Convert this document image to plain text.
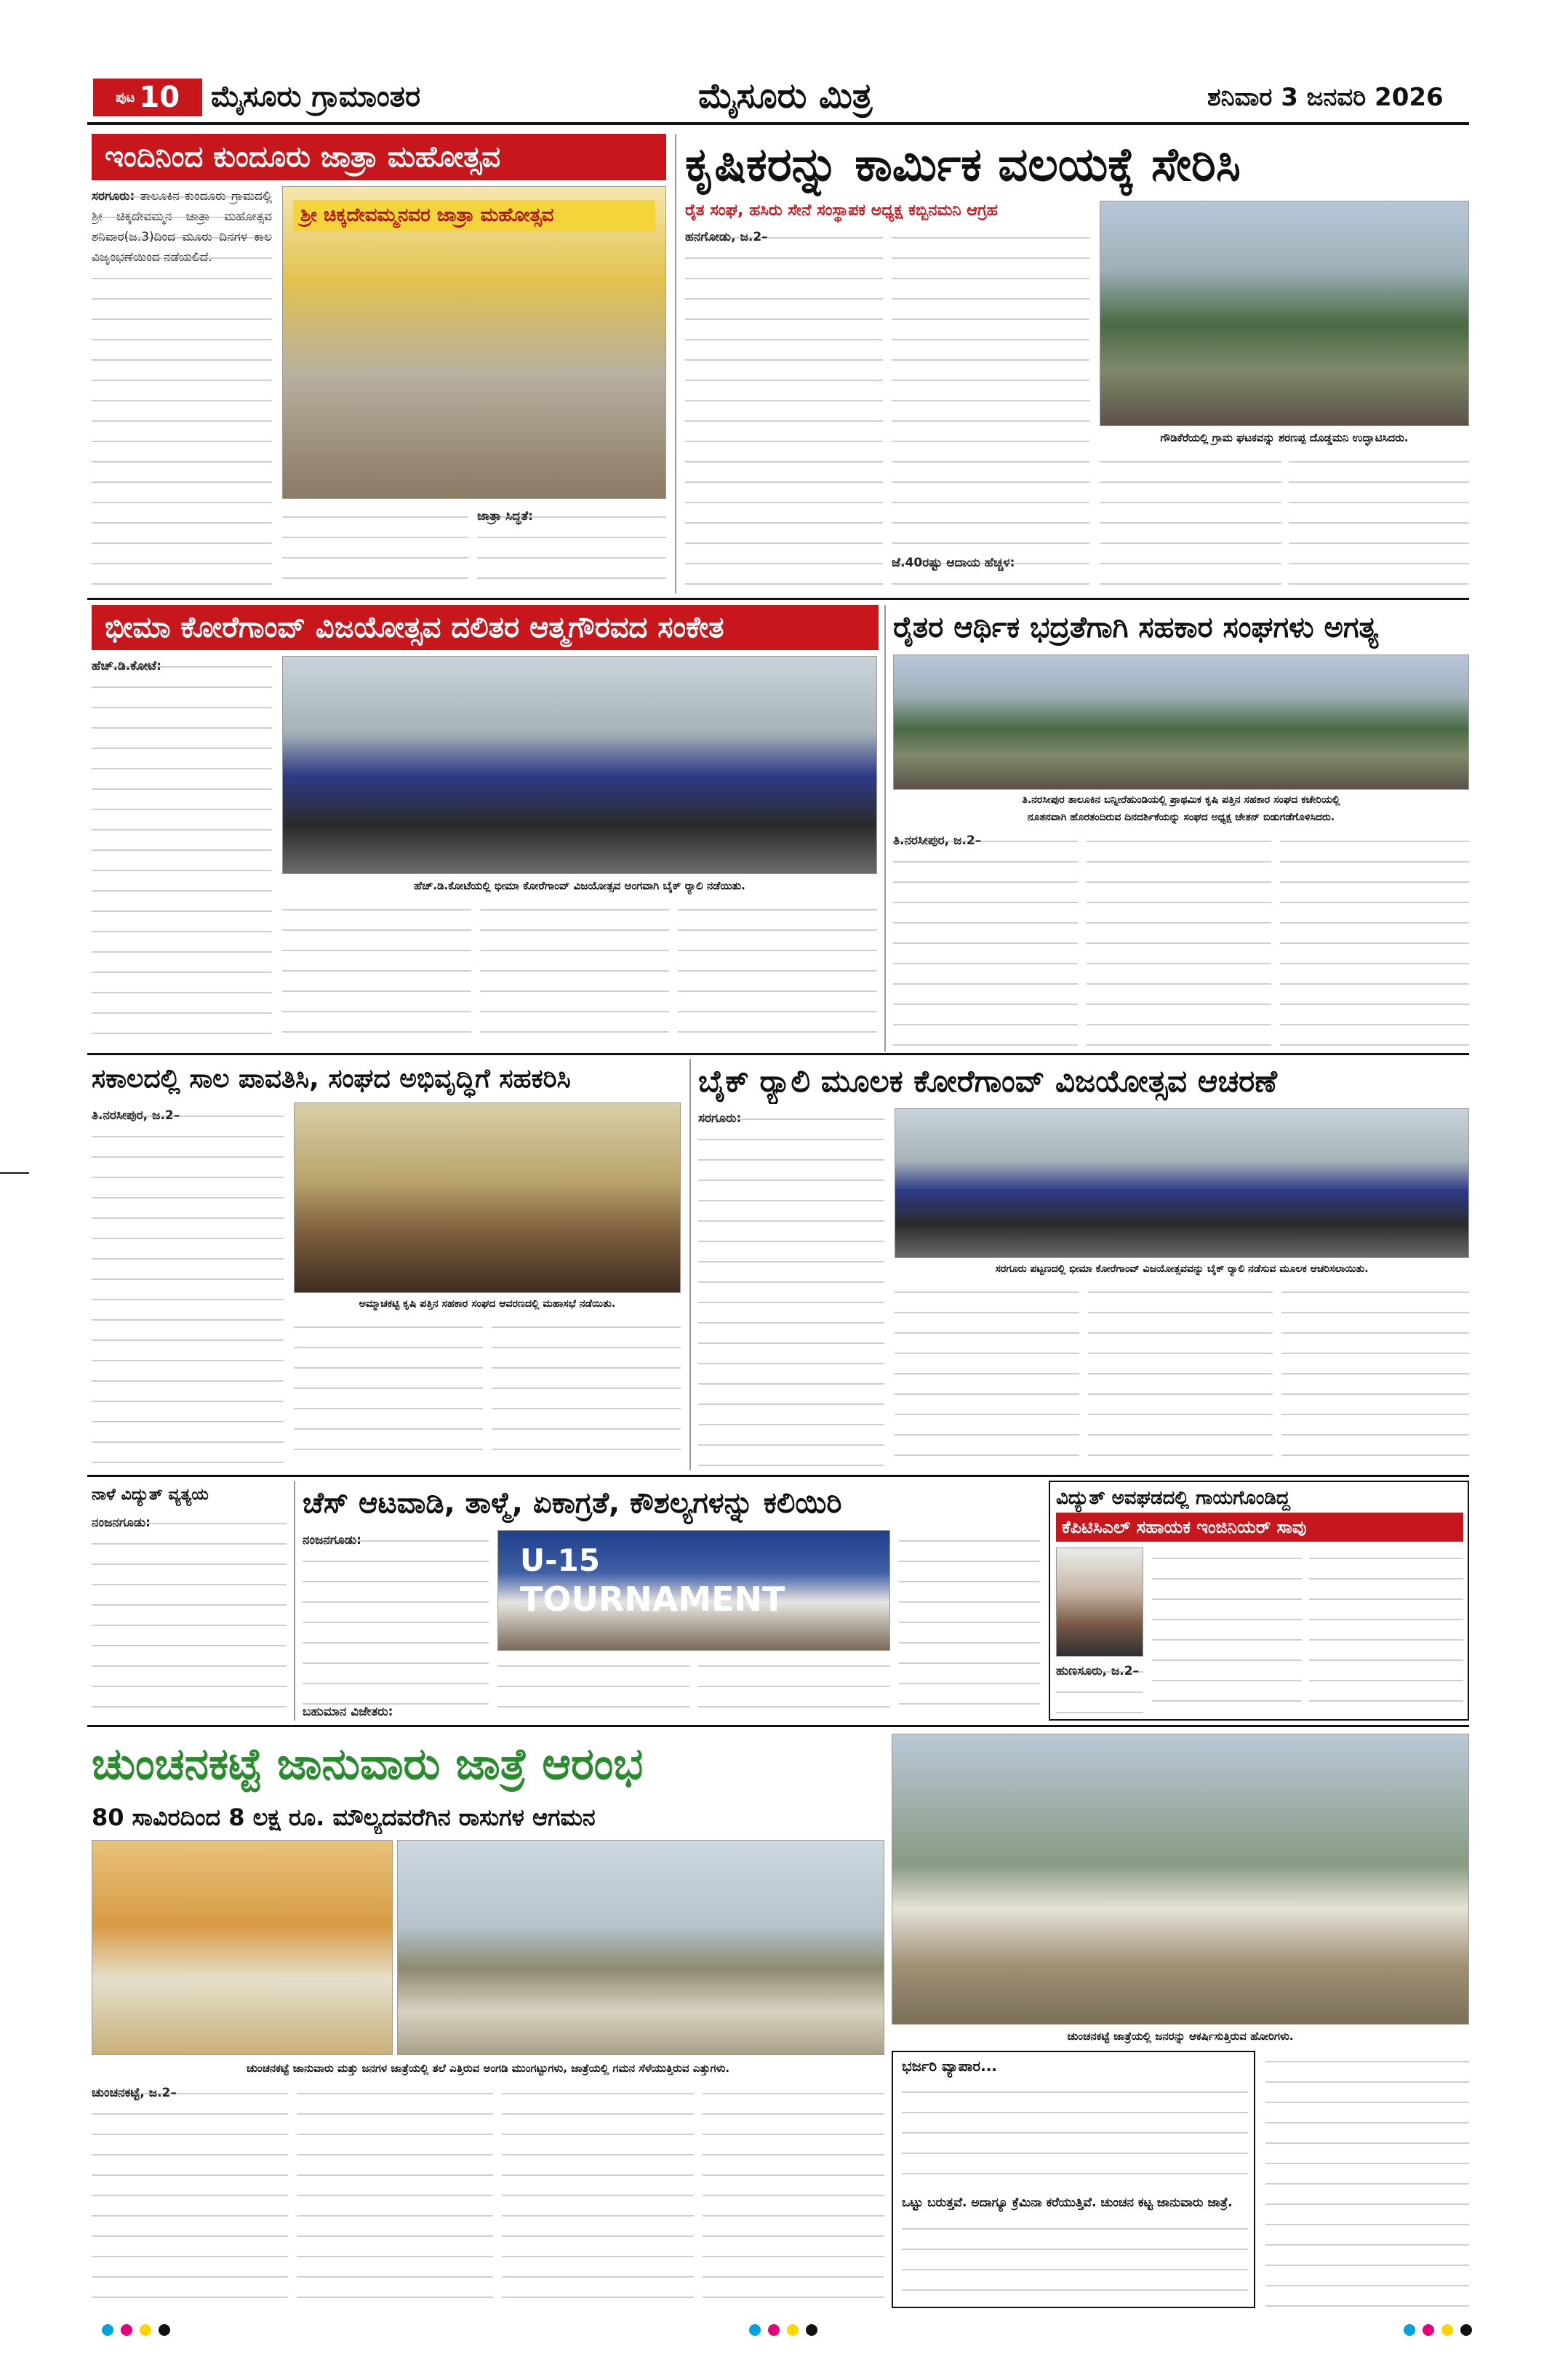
ಪುಟ 10 ಮೈಸೂರು ಗ್ರಾಮಾಂತರ	ಮೈಸೂರು ಮಿತ್ರ	ಶನಿವಾರ 3 ಜನವರಿ 2026
ಇಂದಿನಿಂದ ಕುಂದೂರು ಜಾತ್ರಾ ಮಹೋತ್ಸವ
ಸರಗೂರು: ತಾಲೂಕಿನ ಕುಂದೂರು ಗ್ರಾಮದಲ್ಲಿ ಶ್ರೀ ಚಿಕ್ಕದೇವಮ್ಮನ ಜಾತ್ರಾ ಮಹೋತ್ಸವ ಶನಿವಾರ(ಜ.3)ದಿಂದ ಮೂರು ದಿನಗಳ ಕಾಲ ವಿಜೃಂಭಣೆಯಿಂದ ನಡೆಯಲಿದೆ.
ಶ್ರೀ ಚಿಕ್ಕದೇವಮ್ಮನವರ ಜಾತ್ರಾ ಮಹೋತ್ಸವ
ಜಾತ್ರಾ ಸಿದ್ಧತೆ:
ಕೃಷಿಕರನ್ನು ಕಾರ್ಮಿಕ ವಲಯಕ್ಕೆ ಸೇರಿಸಿ
ರೈತ ಸಂಘ, ಹಸಿರು ಸೇನೆ ಸಂಸ್ಥಾಪಕ ಅಧ್ಯಕ್ಷ ಕಬ್ಬಿನಮನಿ ಆಗ್ರಹ
ಹನಗೋಡು, ಜ.2–
ಗೌಡಿಕೆರೆಯಲ್ಲಿ ಗ್ರಾಮ ಘಟಕವನ್ನು ಶರಣಪ್ಪ ದೊಡ್ಡಮನಿ ಉದ್ಘಾಟಿಸಿದರು.
ಜೆ.40ರಷ್ಟು ಆದಾಯ ಹೆಚ್ಚಳ:
ಭೀಮಾ ಕೋರೆಗಾಂವ್ ವಿಜಯೋತ್ಸವ ದಲಿತರ ಆತ್ಮಗೌರವದ ಸಂಕೇತ
ಹೆಚ್.ಡಿ.ಕೋಟೆ:
ಹೆಚ್.ಡಿ.ಕೋಟೆಯಲ್ಲಿ ಭೀಮಾ ಕೋರೆಗಾಂವ್ ವಿಜಯೋತ್ಸವ ಅಂಗವಾಗಿ ಬೈಕ್ ರ್‍ಯಾಲಿ ನಡೆಯಿತು.
ರೈತರ ಆರ್ಥಿಕ ಭದ್ರತೆಗಾಗಿ ಸಹಕಾರ ಸಂಘಗಳು ಅಗತ್ಯ
ತಿ.ನರಸೀಪುರ ತಾಲೂಕಿನ ಬನ್ನೀರೆಹುಂಡಿಯಲ್ಲಿ ಪ್ರಾಥಮಿಕ ಕೃಷಿ ಪತ್ತಿನ ಸಹಕಾರ ಸಂಘದ ಕಚೇರಿಯಲ್ಲಿ
ನೂತನವಾಗಿ ಹೊರತಂದಿರುವ ದಿನದರ್ಶಿಕೆಯನ್ನು ಸಂಘದ ಅಧ್ಯಕ್ಷ ಚೇತನ್ ಬಿಡುಗಡೆಗೊಳಿಸಿದರು.
ತಿ.ನರಸೀಪುರ, ಜ.2–
ಸಕಾಲದಲ್ಲಿ ಸಾಲ ಪಾವತಿಸಿ, ಸಂಘದ ಅಭಿವೃದ್ಧಿಗೆ ಸಹಕರಿಸಿ
ತಿ.ನರಸೀಪುರ, ಜ.2–
ಅಮ್ಮಾಚಕಟ್ಟಿ ಕೃಷಿ ಪತ್ತಿನ ಸಹಕಾರ ಸಂಘದ ಆವರಣದಲ್ಲಿ ಮಹಾಸಭೆ ನಡೆಯಿತು.
ಬೈಕ್ ರ್‍ಯಾಲಿ ಮೂಲಕ ಕೋರೆಗಾಂವ್ ವಿಜಯೋತ್ಸವ ಆಚರಣೆ
ಸರಗೂರು:
ಸರಗೂರು ಪಟ್ಟಣದಲ್ಲಿ ಭೀಮಾ ಕೋರೆಗಾಂವ್ ವಿಜಯೋತ್ಸವವನ್ನು ಬೈಕ್ ರ್‍ಯಾಲಿ ನಡೆಸುವ ಮೂಲಕ ಆಚರಿಸಲಾಯಿತು.
ನಾಳೆ ವಿದ್ಯುತ್ ವ್ಯತ್ಯಯ
ನಂಜನಗೂಡು:
ಚೆಸ್ ಆಟವಾಡಿ, ತಾಳ್ಮೆ, ಏಕಾಗ್ರತೆ, ಕೌಶಲ್ಯಗಳನ್ನು ಕಲಿಯಿರಿ
ನಂಜನಗೂಡು:
U-15
TOURNAMENT
ಬಹುಮಾನ ವಿಜೇತರು:
ವಿದ್ಯುತ್ ಅವಘಡದಲ್ಲಿ ಗಾಯಗೊಂಡಿದ್ದ
ಕೆಪಿಟಿಸಿಎಲ್ ಸಹಾಯಕ ಇಂಜಿನಿಯರ್ ಸಾವು
ಹುಣಸೂರು, ಜ.2–
ಚುಂಚನಕಟ್ಟೆ ಜಾನುವಾರು ಜಾತ್ರೆ ಆರಂಭ
80 ಸಾವಿರದಿಂದ 8 ಲಕ್ಷ ರೂ. ಮೌಲ್ಯದವರೆಗಿನ ರಾಸುಗಳ ಆಗಮನ
ಚುಂಚನಕಟ್ಟೆ ಜಾನುವಾರು ಮತ್ತು ಜನಗಳ ಜಾತ್ರೆಯಲ್ಲಿ ತಲೆ ಎತ್ತಿರುವ ಅಂಗಡಿ ಮುಂಗಟ್ಟುಗಳು, ಜಾತ್ರೆಯಲ್ಲಿ ಗಮನ ಸೆಳೆಯುತ್ತಿರುವ ಎತ್ತುಗಳು.
ಚುಂಚನಕಟ್ಟೆ ಜಾತ್ರೆಯಲ್ಲಿ ಜನರನ್ನು ಆಕರ್ಷಿಸುತ್ತಿರುವ ಹೋರಿಗಳು.
ಚುಂಚನಕಟ್ಟೆ, ಜ.2–
ಭರ್ಜರಿ ವ್ಯಾಪಾರ...
ಒಟ್ಟು ಬರುತ್ತವೆ. ಅದಾಗ್ಯೂ ಕ್ರೆಮಿನಾ ಕರೆಯುತ್ತಿವೆ. ಚುಂಚನ ಕಟ್ಟ ಜಾನುವಾರು ಜಾತ್ರೆ.
